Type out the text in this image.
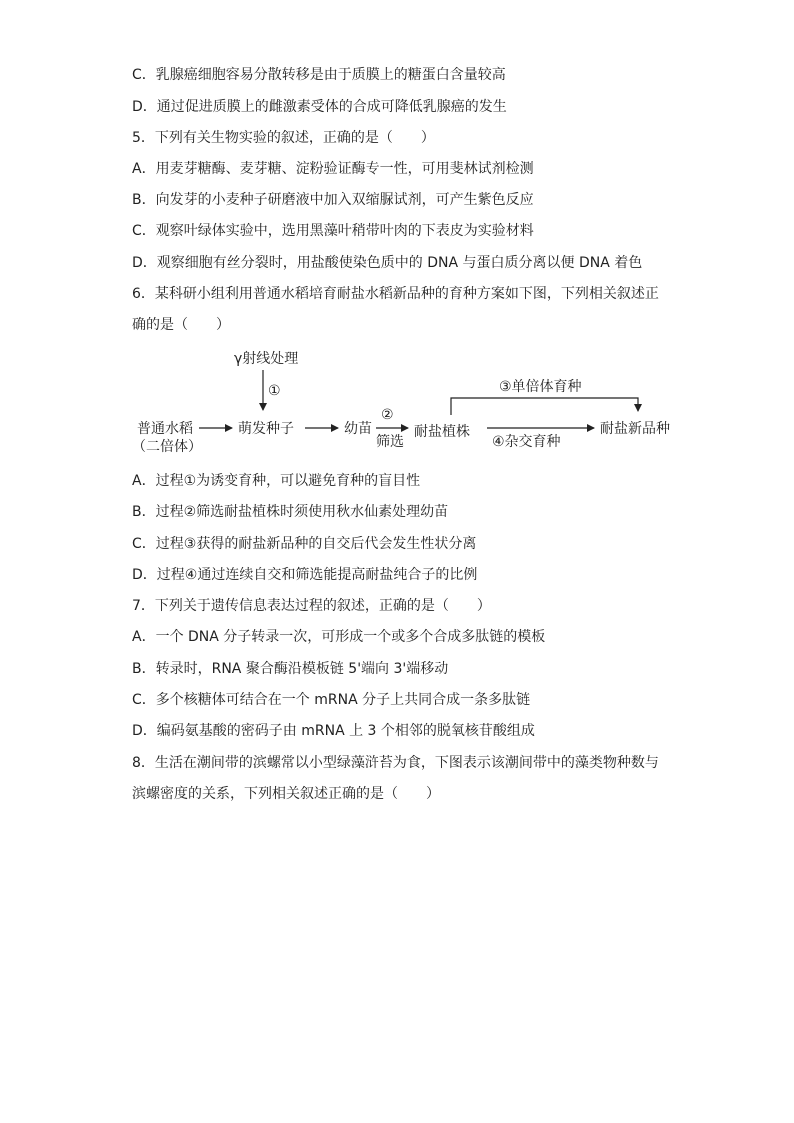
C．乳腺癌细胞容易分散转移是由于质膜上的糖蛋白含量较高
D．通过促进质膜上的雌激素受体的合成可降低乳腺癌的发生
5．下列有关生物实验的叙述，正确的是（　　）
A．用麦芽糖酶、麦芽糖、淀粉验证酶专一性，可用斐林试剂检测
B．向发芽的小麦种子研磨液中加入双缩脲试剂，可产生紫色反应
C．观察叶绿体实验中，选用黑藻叶稍带叶肉的下表皮为实验材料
D．观察细胞有丝分裂时，用盐酸使染色质中的 DNA 与蛋白质分离以便 DNA 着色
6．某科研小组利用普通水稻培育耐盐水稻新品种的育种方案如下图，下列相关叙述正
确的是（　　）
A．过程①为诱变育种，可以避免育种的盲目性
B．过程②筛选耐盐植株时须使用秋水仙素处理幼苗
C．过程③获得的耐盐新品种的自交后代会发生性状分离
D．过程④通过连续自交和筛选能提高耐盐纯合子的比例
7．下列关于遗传信息表达过程的叙述，正确的是（　　）
A．一个 DNA 分子转录一次，可形成一个或多个合成多肽链的模板
B．转录时，RNA 聚合酶沿模板链 5'端向 3'端移动
C．多个核糖体可结合在一个 mRNA 分子上共同合成一条多肽链
D．编码氨基酸的密码子由 mRNA 上 3 个相邻的脱氧核苷酸组成
8．生活在潮间带的滨螺常以小型绿藻浒苔为食，下图表示该潮间带中的藻类物种数与
滨螺密度的关系，下列相关叙述正确的是（　　）
γ射线处理
①
普通水稻
（二倍体）
萌发种子	幼苗
②
筛选
耐盐植株
③单倍体育种
④杂交育种
耐盐新品种
